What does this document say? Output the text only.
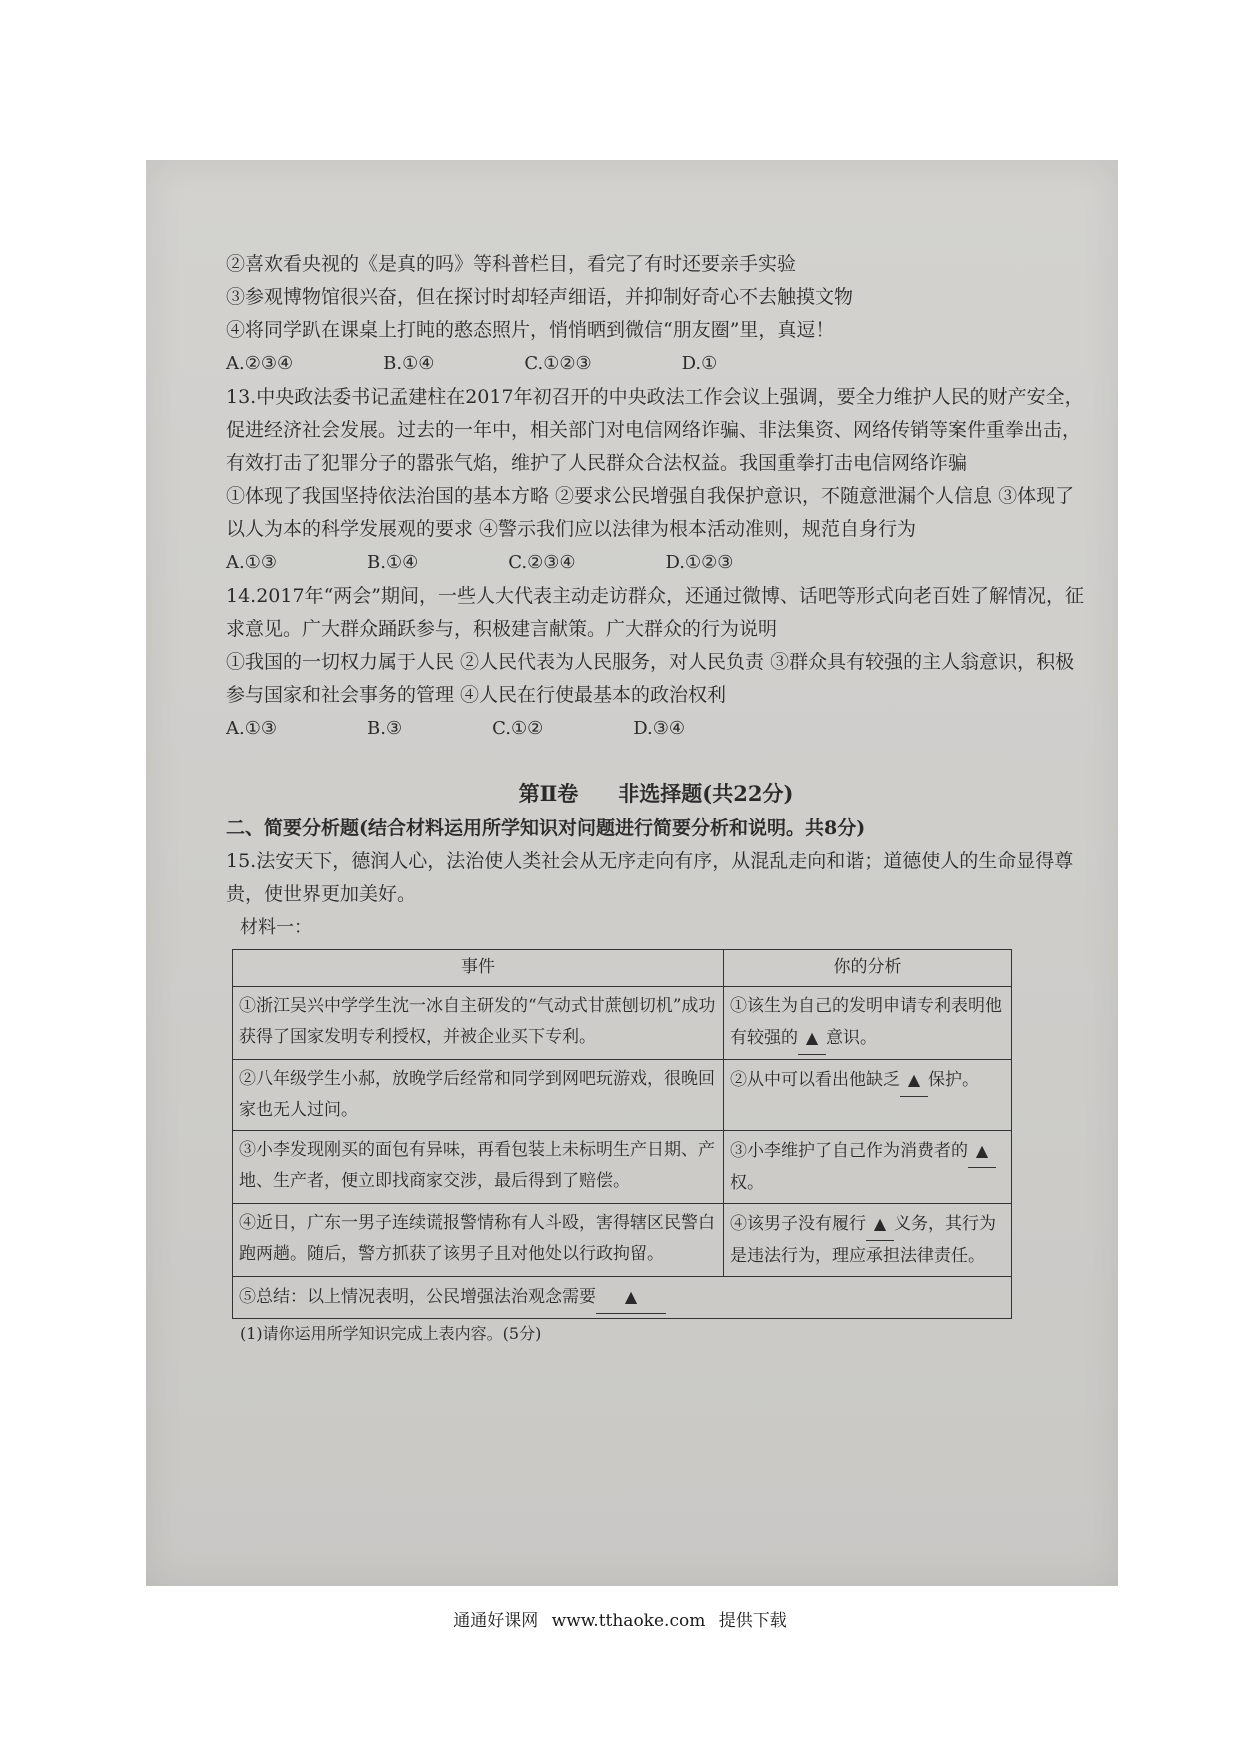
②喜欢看央视的《是真的吗》等科普栏目，看完了有时还要亲手实验
③参观博物馆很兴奋，但在探讨时却轻声细语，并抑制好奇心不去触摸文物
④将同学趴在课桌上打盹的憨态照片，悄悄晒到微信“朋友圈”里，真逗！
A.②③④	B.①④	C.①②③	D.①
13.中央政法委书记孟建柱在2017年初召开的中央政法工作会议上强调，要全力维护人民的财产安全，促进经济社会发展。过去的一年中，相关部门对电信网络诈骗、非法集资、网络传销等案件重拳出击，有效打击了犯罪分子的嚣张气焰，维护了人民群众合法权益。我国重拳打击电信网络诈骗
①体现了我国坚持依法治国的基本方略 ②要求公民增强自我保护意识，不随意泄漏个人信息 ③体现了以人为本的科学发展观的要求 ④警示我们应以法律为根本活动准则，规范自身行为
A.①③	B.①④	C.②③④	D.①②③
14.2017年“两会”期间，一些人大代表主动走访群众，还通过微博、话吧等形式向老百姓了解情况，征求意见。广大群众踊跃参与，积极建言献策。广大群众的行为说明
①我国的一切权力属于人民 ②人民代表为人民服务，对人民负责 ③群众具有较强的主人翁意识，积极参与国家和社会事务的管理 ④人民在行使最基本的政治权利
A.①③	B.③	C.①②	D.③④
第Ⅱ卷 非选择题(共22分)
二、简要分析题(结合材料运用所学知识对问题进行简要分析和说明。共8分)
15.法安天下，德润人心，法治使人类社会从无序走向有序，从混乱走向和谐；道德使人的生命显得尊贵，使世界更加美好。
材料一：
事件	你的分析
①浙江吴兴中学学生沈一冰自主研发的“气动式甘蔗刨切机”成功获得了国家发明专利授权，并被企业买下专利。	①该生为自己的发明申请专利表明他有较强的 ▲ 意识。
②八年级学生小郝，放晚学后经常和同学到网吧玩游戏，很晚回家也无人过问。	②从中可以看出他缺乏 ▲ 保护。
③小李发现刚买的面包有异味，再看包装上未标明生产日期、产地、生产者，便立即找商家交涉，最后得到了赔偿。	③小李维护了自己作为消费者的 ▲权。
④近日，广东一男子连续谎报警情称有人斗殴，害得辖区民警白跑两趟。随后，警方抓获了该男子且对他处以行政拘留。	④该男子没有履行 ▲ 义务，其行为是违法行为，理应承担法律责任。
⑤总结：以上情况表明，公民增强法治观念需要 ▲	
(1)请你运用所学知识完成上表内容。(5分)
通通好课网 www.tthaoke.com 提供下载
